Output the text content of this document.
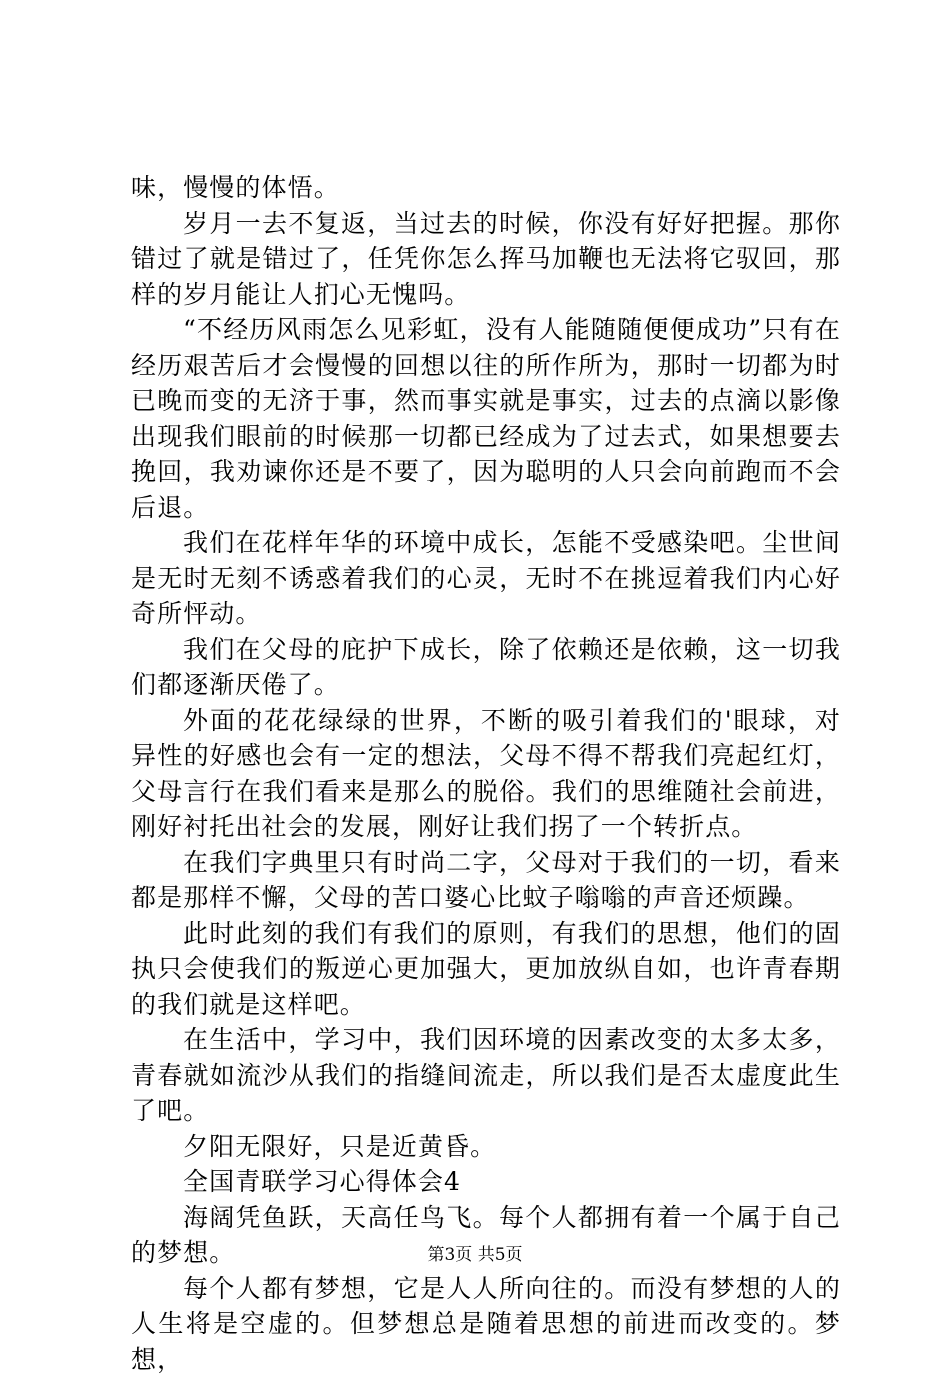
味，慢慢的体悟。

岁月一去不复返，当过去的时候，你没有好好把握。那你错过了就是错过了，任凭你怎么挥马加鞭也无法将它驭回，那样的岁月能让人扪心无愧吗。

“不经历风雨怎么见彩虹，没有人能随随便便成功”只有在经历艰苦后才会慢慢的回想以往的所作所为，那时一切都为时已晚而变的无济于事，然而事实就是事实，过去的点滴以影像出现我们眼前的时候那一切都已经成为了过去式，如果想要去挽回，我劝谏你还是不要了，因为聪明的人只会向前跑而不会后退。

我们在花样年华的环境中成长，怎能不受感染吧。尘世间是无时无刻不诱惑着我们的心灵，无时不在挑逗着我们内心好奇所怦动。

我们在父母的庇护下成长，除了依赖还是依赖，这一切我们都逐渐厌倦了。

外面的花花绿绿的世界，不断的吸引着我们的'眼球，对异性的好感也会有一定的想法，父母不得不帮我们亮起红灯，父母言行在我们看来是那么的脱俗。我们的思维随社会前进，刚好衬托出社会的发展，刚好让我们拐了一个转折点。

在我们字典里只有时尚二字，父母对于我们的一切，看来都是那样不懈，父母的苦口婆心比蚊子嗡嗡的声音还烦躁。

此时此刻的我们有我们的原则，有我们的思想，他们的固执只会使我们的叛逆心更加强大，更加放纵自如，也许青春期的我们就是这样吧。

在生活中，学习中，我们因环境的因素改变的太多太多，青春就如流沙从我们的指缝间流走，所以我们是否太虚度此生了吧。

夕阳无限好，只是近黄昏。

全国青联学习心得体会4

海阔凭鱼跃，天高任鸟飞。每个人都拥有着一个属于自己的梦想。

每个人都有梦想，它是人人所向往的。而没有梦想的人的人生将是空虚的。但梦想总是随着思想的前进而改变的。梦想，

第3页 共5页
